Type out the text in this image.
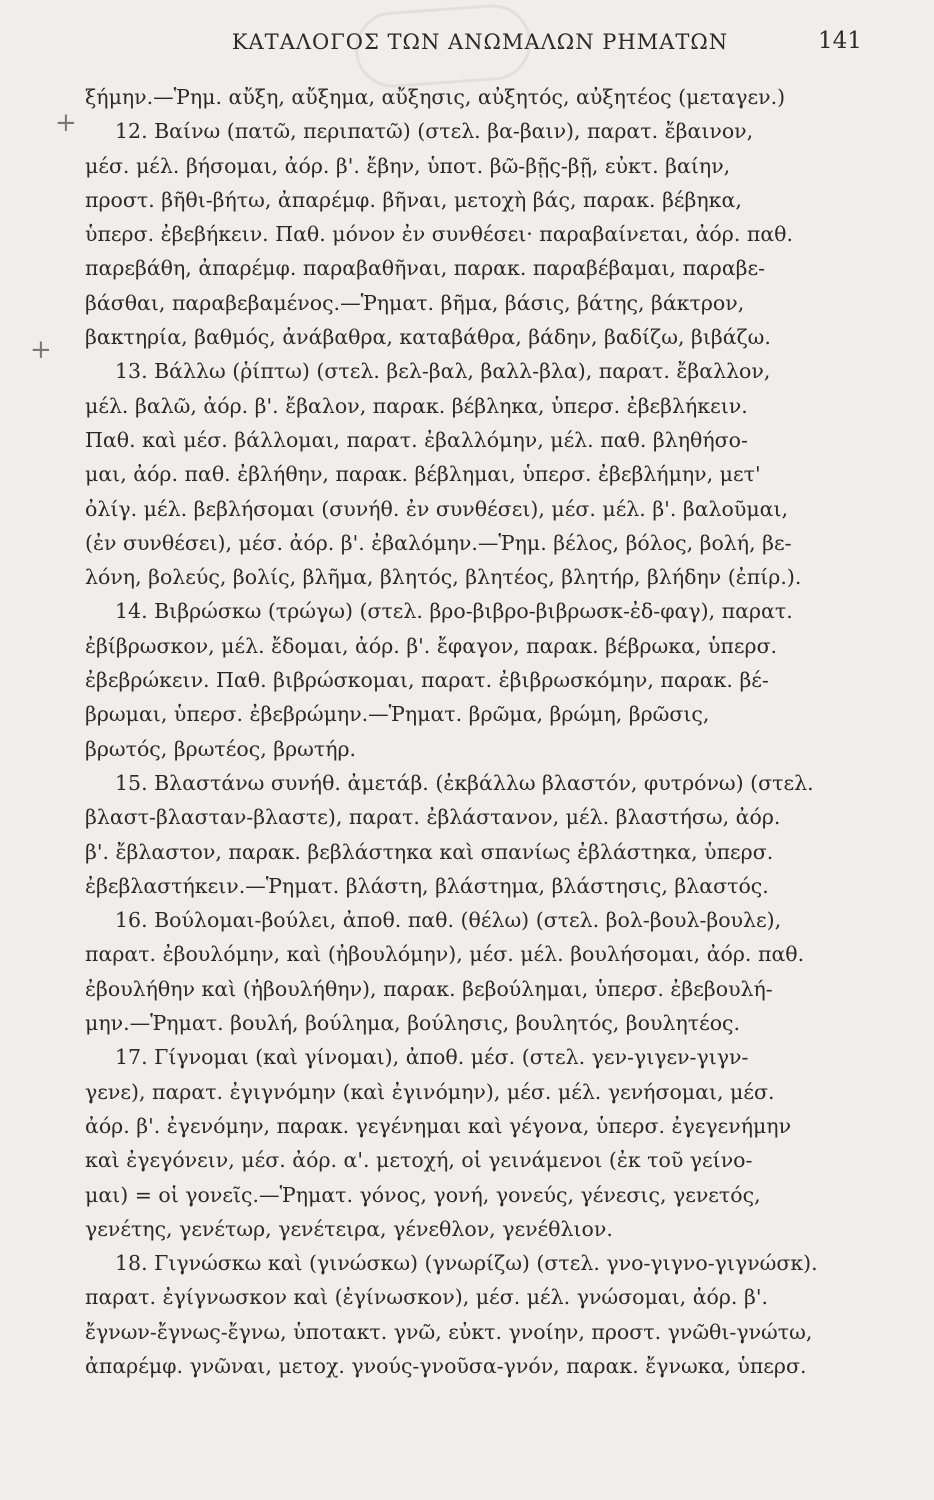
ΚΑΤΑΛΟΓΟΣ ΤΩΝ ΑΝΩΜΑΛΩΝ ΡΗΜΑΤΩΝ	141
+
+
ξήμην.—Ῥημ. αὔξη, αὔξημα, αὔξησις, αὐξητός, αὐξητέος (μεταγεν.)
12. Βαίνω (πατῶ, περιπατῶ) (στελ. βα-βαιν), παρατ. ἔβαινον,
μέσ. μέλ. βήσομαι, ἀόρ. β'. ἔβην, ὑποτ. βῶ-βῇς-βῇ, εὐκτ. βαίην,
προστ. βῆθι-βήτω, ἀπαρέμφ. βῆναι, μετοχὴ βάς, παρακ. βέβηκα,
ὑπερσ. ἐβεβήκειν. Παθ. μόνον ἐν συνθέσει· παραβαίνεται, ἀόρ. παθ.
παρεβάθη, ἀπαρέμφ. παραβαθῆναι, παρακ. παραβέβαμαι, παραβε-
βάσθαι, παραβεβαμένος.—Ῥηματ. βῆμα, βάσις, βάτης, βάκτρον,
βακτηρία, βαθμός, ἀνάβαθρα, καταβάθρα, βάδην, βαδίζω, βιβάζω.
13. Βάλλω (ῥίπτω) (στελ. βελ-βαλ, βαλλ-βλα), παρατ. ἔβαλλον,
μέλ. βαλῶ, ἀόρ. β'. ἔβαλον, παρακ. βέβληκα, ὑπερσ. ἐβεβλήκειν.
Παθ. καὶ μέσ. βάλλομαι, παρατ. ἐβαλλόμην, μέλ. παθ. βληθήσο-
μαι, ἀόρ. παθ. ἐβλήθην, παρακ. βέβλημαι, ὑπερσ. ἐβεβλήμην, μετ'
ὀλίγ. μέλ. βεβλήσομαι (συνήθ. ἐν συνθέσει), μέσ. μέλ. β'. βαλοῦμαι,
(ἐν συνθέσει), μέσ. ἀόρ. β'. ἐβαλόμην.—Ῥημ. βέλος, βόλος, βολή, βε-
λόνη, βολεύς, βολίς, βλῆμα, βλητός, βλητέος, βλητήρ, βλήδην (ἐπίρ.).
14. Βιβρώσκω (τρώγω) (στελ. βρο-βιβρο-βιβρωσκ-ἐδ-φαγ), παρατ.
ἐβίβρωσκον, μέλ. ἔδομαι, ἀόρ. β'. ἔφαγον, παρακ. βέβρωκα, ὑπερσ.
ἐβεβρώκειν. Παθ. βιβρώσκομαι, παρατ. ἐβιβρωσκόμην, παρακ. βέ-
βρωμαι, ὑπερσ. ἐβεβρώμην.—Ῥηματ. βρῶμα, βρώμη, βρῶσις,
βρωτός, βρωτέος, βρωτήρ.
15. Βλαστάνω συνήθ. ἀμετάβ. (ἐκβάλλω βλαστόν, φυτρόνω) (στελ.
βλαστ-βλασταν-βλαστε), παρατ. ἐβλάστανον, μέλ. βλαστήσω, ἀόρ.
β'. ἔβλαστον, παρακ. βεβλάστηκα καὶ σπανίως ἐβλάστηκα, ὑπερσ.
ἐβεβλαστήκειν.—Ῥηματ. βλάστη, βλάστημα, βλάστησις, βλαστός.
16. Βούλομαι-βούλει, ἀποθ. παθ. (θέλω) (στελ. βολ-βουλ-βουλε),
παρατ. ἐβουλόμην, καὶ (ἠβουλόμην), μέσ. μέλ. βουλήσομαι, ἀόρ. παθ.
ἐβουλήθην καὶ (ἠβουλήθην), παρακ. βεβούλημαι, ὑπερσ. ἐβεβουλή-
μην.—Ῥηματ. βουλή, βούλημα, βούλησις, βουλητός, βουλητέος.
17. Γίγνομαι (καὶ γίνομαι), ἀποθ. μέσ. (στελ. γεν-γιγεν-γιγν-
γενε), παρατ. ἐγιγνόμην (καὶ ἐγινόμην), μέσ. μέλ. γενήσομαι, μέσ.
ἀόρ. β'. ἐγενόμην, παρακ. γεγένημαι καὶ γέγονα, ὑπερσ. ἐγεγενήμην
καὶ ἐγεγόνειν, μέσ. ἀόρ. α'. μετοχή, οἱ γεινάμενοι (ἐκ τοῦ γείνο-
μαι) = οἱ γονεῖς.—Ῥηματ. γόνος, γονή, γονεύς, γένεσις, γενετός,
γενέτης, γενέτωρ, γενέτειρα, γένεθλον, γενέθλιον.
18. Γιγνώσκω καὶ (γινώσκω) (γνωρίζω) (στελ. γνο-γιγνο-γιγνώσκ).
παρατ. ἐγίγνωσκον καὶ (ἐγίνωσκον), μέσ. μέλ. γνώσομαι, ἀόρ. β'.
ἔγνων-ἔγνως-ἔγνω, ὑποτακτ. γνῶ, εὐκτ. γνοίην, προστ. γνῶθι-γνώτω,
ἀπαρέμφ. γνῶναι, μετοχ. γνούς-γνοῦσα-γνόν, παρακ. ἔγνωκα, ὑπερσ.
